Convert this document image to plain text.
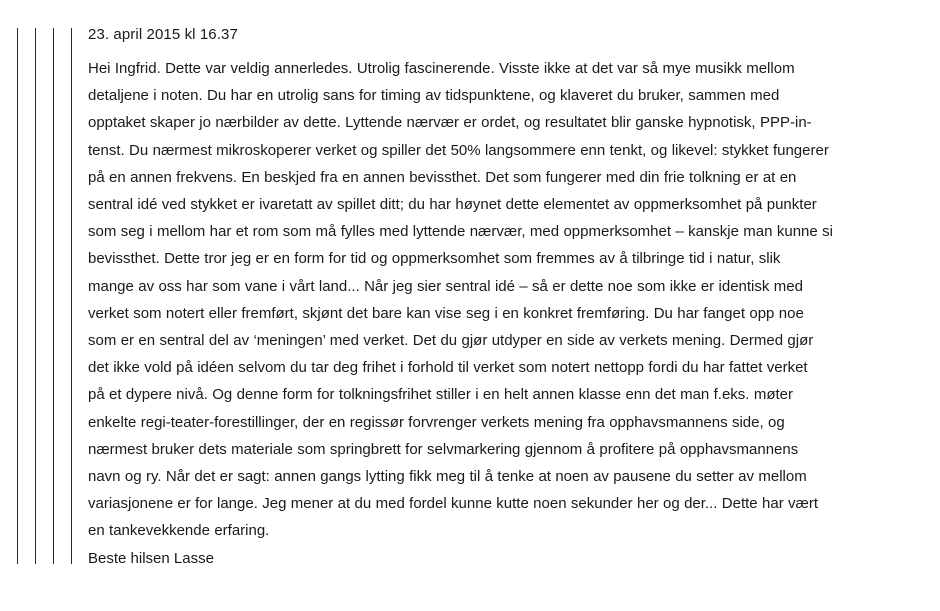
23. april 2015 kl 16.37

Hei Ingfrid. Dette var veldig annerledes. Utrolig fascinerende. Visste ikke at det var så mye musikk mellom
detaljene i noten. Du har en utrolig sans for timing av tidspunktene, og klaveret du bruker, sammen med
opptaket skaper jo nærbilder av dette. Lyttende nærvær er ordet, og resultatet blir ganske hypnotisk, PPP-in-
tenst. Du nærmest mikroskoperer verket og spiller det 50% langsommere enn tenkt, og likevel: stykket fungerer
på en annen frekvens. En beskjed fra en annen bevissthet. Det som fungerer med din frie tolkning er at en
sentral idé ved stykket er ivaretatt av spillet ditt; du har høynet dette elementet av oppmerksomhet på punkter
som seg i mellom har et rom som må fylles med lyttende nærvær, med oppmerksomhet – kanskje man kunne si
bevissthet. Dette tror jeg er en form for tid og oppmerksomhet som fremmes av å tilbringe tid i natur, slik
mange av oss har som vane i vårt land... Når jeg sier sentral idé – så er dette noe som ikke er identisk med
verket som notert eller fremført, skjønt det bare kan vise seg i en konkret fremføring. Du har fanget opp noe
som er en sentral del av ‘meningen’ med verket. Det du gjør utdyper en side av verkets mening. Dermed gjør
det ikke vold på idéen selvom du tar deg frihet i forhold til verket som notert nettopp fordi du har fattet verket
på et dypere nivå. Og denne form for tolkningsfrihet stiller i en helt annen klasse enn det man f.eks. møter
enkelte regi-teater-forestillinger, der en regissør forvrenger verkets mening fra opphavsmannens side, og
nærmest bruker dets materiale som springbrett for selvmarkering gjennom å profitere på opphavsmannens
navn og ry. Når det er sagt: annen gangs lytting fikk meg til å tenke at noen av pausene du setter av mellom
variasjonene er for lange. Jeg mener at du med fordel kunne kutte noen sekunder her og der... Dette har vært
en tankevekkende erfaring.

Beste hilsen Lasse
